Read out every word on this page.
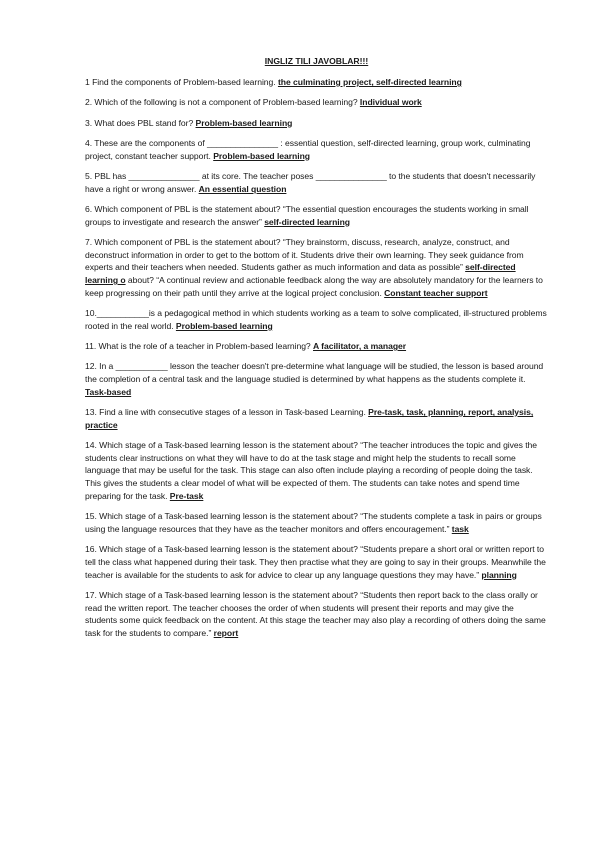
INGLIZ TILI JAVOBLAR!!!

1 Find the components of Problem-based learning. the culminating project, self-directed learning

2. Which of the following is not a component of Problem-based learning? Individual work

3. What does PBL stand for? Problem-based learning

4. These are the components of _______________ : essential question, self-directed learning, group work, culminating project, constant teacher support. Problem-based learning

5. PBL has _______________ at its core. The teacher poses _______________ to the students that doesn't necessarily have a right or wrong answer. An essential question

6. Which component of PBL is the statement about? “The essential question encourages the students working in small groups to investigate and research the answer” self-directed learning

7. Which component of PBL is the statement about? “They brainstorm, discuss, research, analyze, construct, and deconstruct information in order to get to the bottom of it. Students drive their own learning. They seek guidance from experts and their teachers when needed. Students gather as much information and data as possible” self-directed learning o about? “A continual review and actionable feedback along the way are absolutely mandatory for the learners to keep progressing on their path until they arrive at the logical project conclusion. Constant teacher support

10.___________is a pedagogical method in which students working as a team to solve complicated, ill-structured problems rooted in the real world. Problem-based learning

11. What is the role of a teacher in Problem-based learning? A facilitator, a manager

12. In a ___________ lesson the teacher doesn't pre-determine what language will be studied, the lesson is based around the completion of a central task and the language studied is determined by what happens as the students complete it. Task-based

13. Find a line with consecutive stages of a lesson in Task-based Learning. Pre-task, task, planning, report, analysis, practice

14. Which stage of a Task-based learning lesson is the statement about? “The teacher introduces the topic and gives the students clear instructions on what they will have to do at the task stage and might help the students to recall some language that may be useful for the task. This stage can also often include playing a recording of people doing the task. This gives the students a clear model of what will be expected of them. The students can take notes and spend time preparing for the task. Pre-task

15. Which stage of a Task-based learning lesson is the statement about? “The students complete a task in pairs or groups using the language resources that they have as the teacher monitors and offers encouragement.” task

16. Which stage of a Task-based learning lesson is the statement about? “Students prepare a short oral or written report to tell the class what happened during their task. They then practise what they are going to say in their groups. Meanwhile the teacher is available for the students to ask for advice to clear up any language questions they may have.” planning

17. Which stage of a Task-based learning lesson is the statement about? “Students then report back to the class orally or read the written report. The teacher chooses the order of when students will present their reports and may give the students some quick feedback on the content. At this stage the teacher may also play a recording of others doing the same task for the students to compare.” report
